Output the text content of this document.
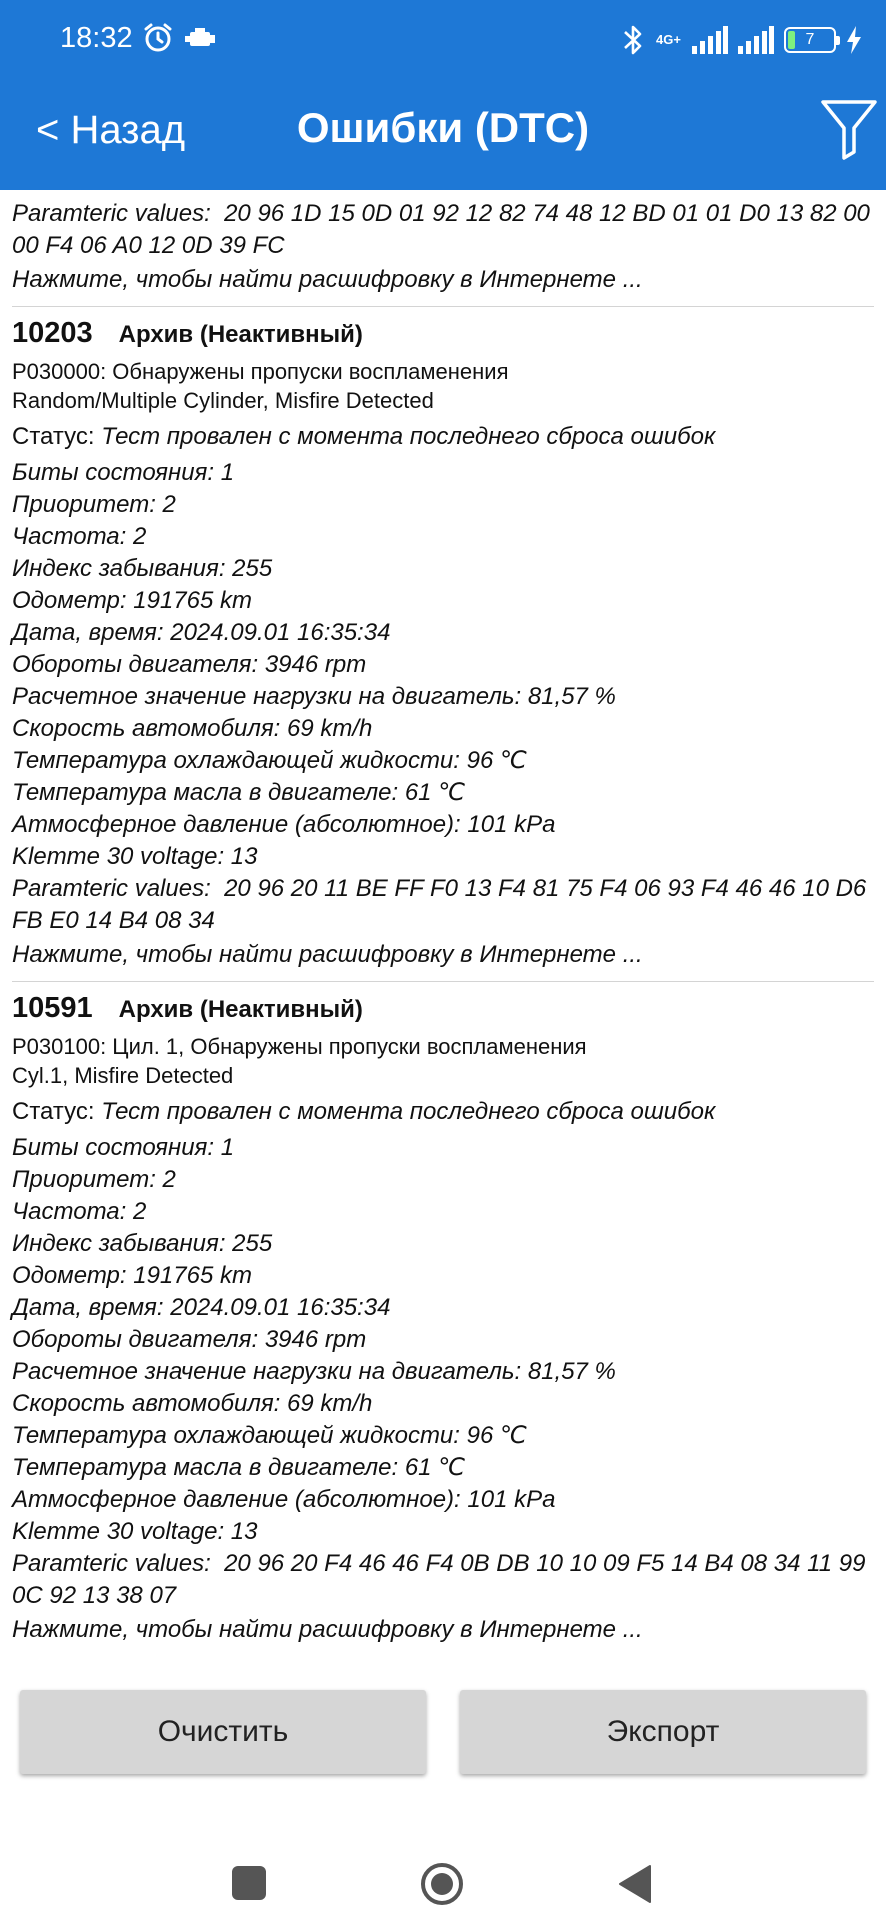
18:32	4G+	7
< Назад	Ошибки (DTC)
Paramteric values:  20 96 1D 15 0D 01 92 12 82 74 48 12 BD 01 01 D0 13 82 00 00 F4 06 A0 12 0D 39 FC
Нажмите, чтобы найти расшифровку в Интернете ...
10203 Архив (Неактивный)
P030000: Обнаружены пропуски воспламенения
Random/Multiple Cylinder, Misfire Detected
Статус: Тест провален с момента последнего сброса ошибок
Биты состояния: 1
Приоритет: 2
Частота: 2
Индекс забывания: 255
Одометр: 191765 km
Дата, время: 2024.09.01 16:35:34
Обороты двигателя: 3946 rpm
Расчетное значение нагрузки на двигатель: 81,57 %
Скорость автомобиля: 69 km/h
Температура охлаждающей жидкости: 96 ℃
Температура масла в двигателе: 61 ℃
Атмосферное давление (абсолютное): 101 kPa
Klemme 30 voltage: 13
Paramteric values:  20 96 20 11 BE FF F0 13 F4 81 75 F4 06 93 F4 46 46 10 D6 FB E0 14 B4 08 34
Нажмите, чтобы найти расшифровку в Интернете ...
10591 Архив (Неактивный)
P030100: Цил. 1, Обнаружены пропуски воспламенения
Cyl.1, Misfire Detected
Статус: Тест провален с момента последнего сброса ошибок
Биты состояния: 1
Приоритет: 2
Частота: 2
Индекс забывания: 255
Одометр: 191765 km
Дата, время: 2024.09.01 16:35:34
Обороты двигателя: 3946 rpm
Расчетное значение нагрузки на двигатель: 81,57 %
Скорость автомобиля: 69 km/h
Температура охлаждающей жидкости: 96 ℃
Температура масла в двигателе: 61 ℃
Атмосферное давление (абсолютное): 101 kPa
Klemme 30 voltage: 13
Paramteric values:  20 96 20 F4 46 46 F4 0B DB 10 10 09 F5 14 B4 08 34 11 99 0C 92 13 38 07
Нажмите, чтобы найти расшифровку в Интернете ...
Очистить	Экспорт
